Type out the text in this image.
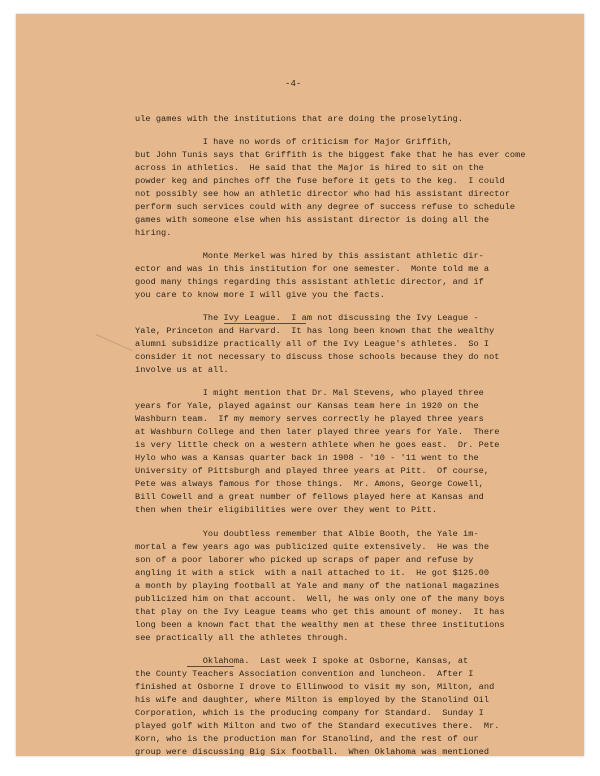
-4-
ule games with the institutions that are doing the proselyting.
I have no words of criticism for Major Griffith,
but John Tunis says that Griffith is the biggest fake that he has ever come
across in athletics.  He said that the Major is hired to sit on the
powder keg and pinches off the fuse before it gets to the keg.  I could
not possibly see how an athletic director who had his assistant director
perform such services could with any degree of success refuse to schedule
games with someone else when his assistant director is doing all the
hiring.
Monte Merkel was hired by this assistant athletic dir-
ector and was in this institution for one semester.  Monte told me a
good many things regarding this assistant athletic director, and if
you care to know more I will give you the facts.
The Ivy League.  I am not discussing the Ivy League -
Yale, Princeton and Harvard.  It has long been known that the wealthy
alumni subsidize practically all of the Ivy League's athletes.  So I
consider it not necessary to discuss those schools because they do not
involve us at all.
I might mention that Dr. Mal Stevens, who played three
years for Yale, played against our Kansas team here in 1920 on the
Washburn team.  If my memory serves correctly he played three years
at Washburn College and then later played three years for Yale.  There
is very little check on a western athlete when he goes east.  Dr. Pete
Hylo who was a Kansas quarter back in 1908 - '10 - '11 went to the
University of Pittsburgh and played three years at Pitt.  Of course,
Pete was always famous for those things.  Mr. Amons, George Cowell,
Bill Cowell and a great number of fellows played here at Kansas and
then when their eligibilities were over they went to Pitt.
You doubtless remember that Albie Booth, the Yale im-
mortal a few years ago was publicized quite extensively.  He was the
son of a poor laborer who picked up scraps of paper and refuse by
angling it with a stick  with a nail attached to it.  He got $125.00
a month by playing football at Yale and many of the national magazines
publicized him on that account.  Well, he was only one of the many boys
that play on the Ivy League teams who get this amount of money.  It has
long been a known fact that the wealthy men at these three institutions
see practically all the athletes through.
Oklahoma.  Last week I spoke at Osborne, Kansas, at
the County Teachers Association convention and luncheon.  After I
finished at Osborne I drove to Ellinwood to visit my son, Milton, and
his wife and daughter, where Milton is employed by the Stanolind Oil
Corporation, which is the producing company for Standard.  Sunday I
played golf with Milton and two of the Standard executives there.  Mr.
Korn, who is the production man for Stanolind, and the rest of our
group were discussing Big Six football.  When Oklahoma was mentioned
